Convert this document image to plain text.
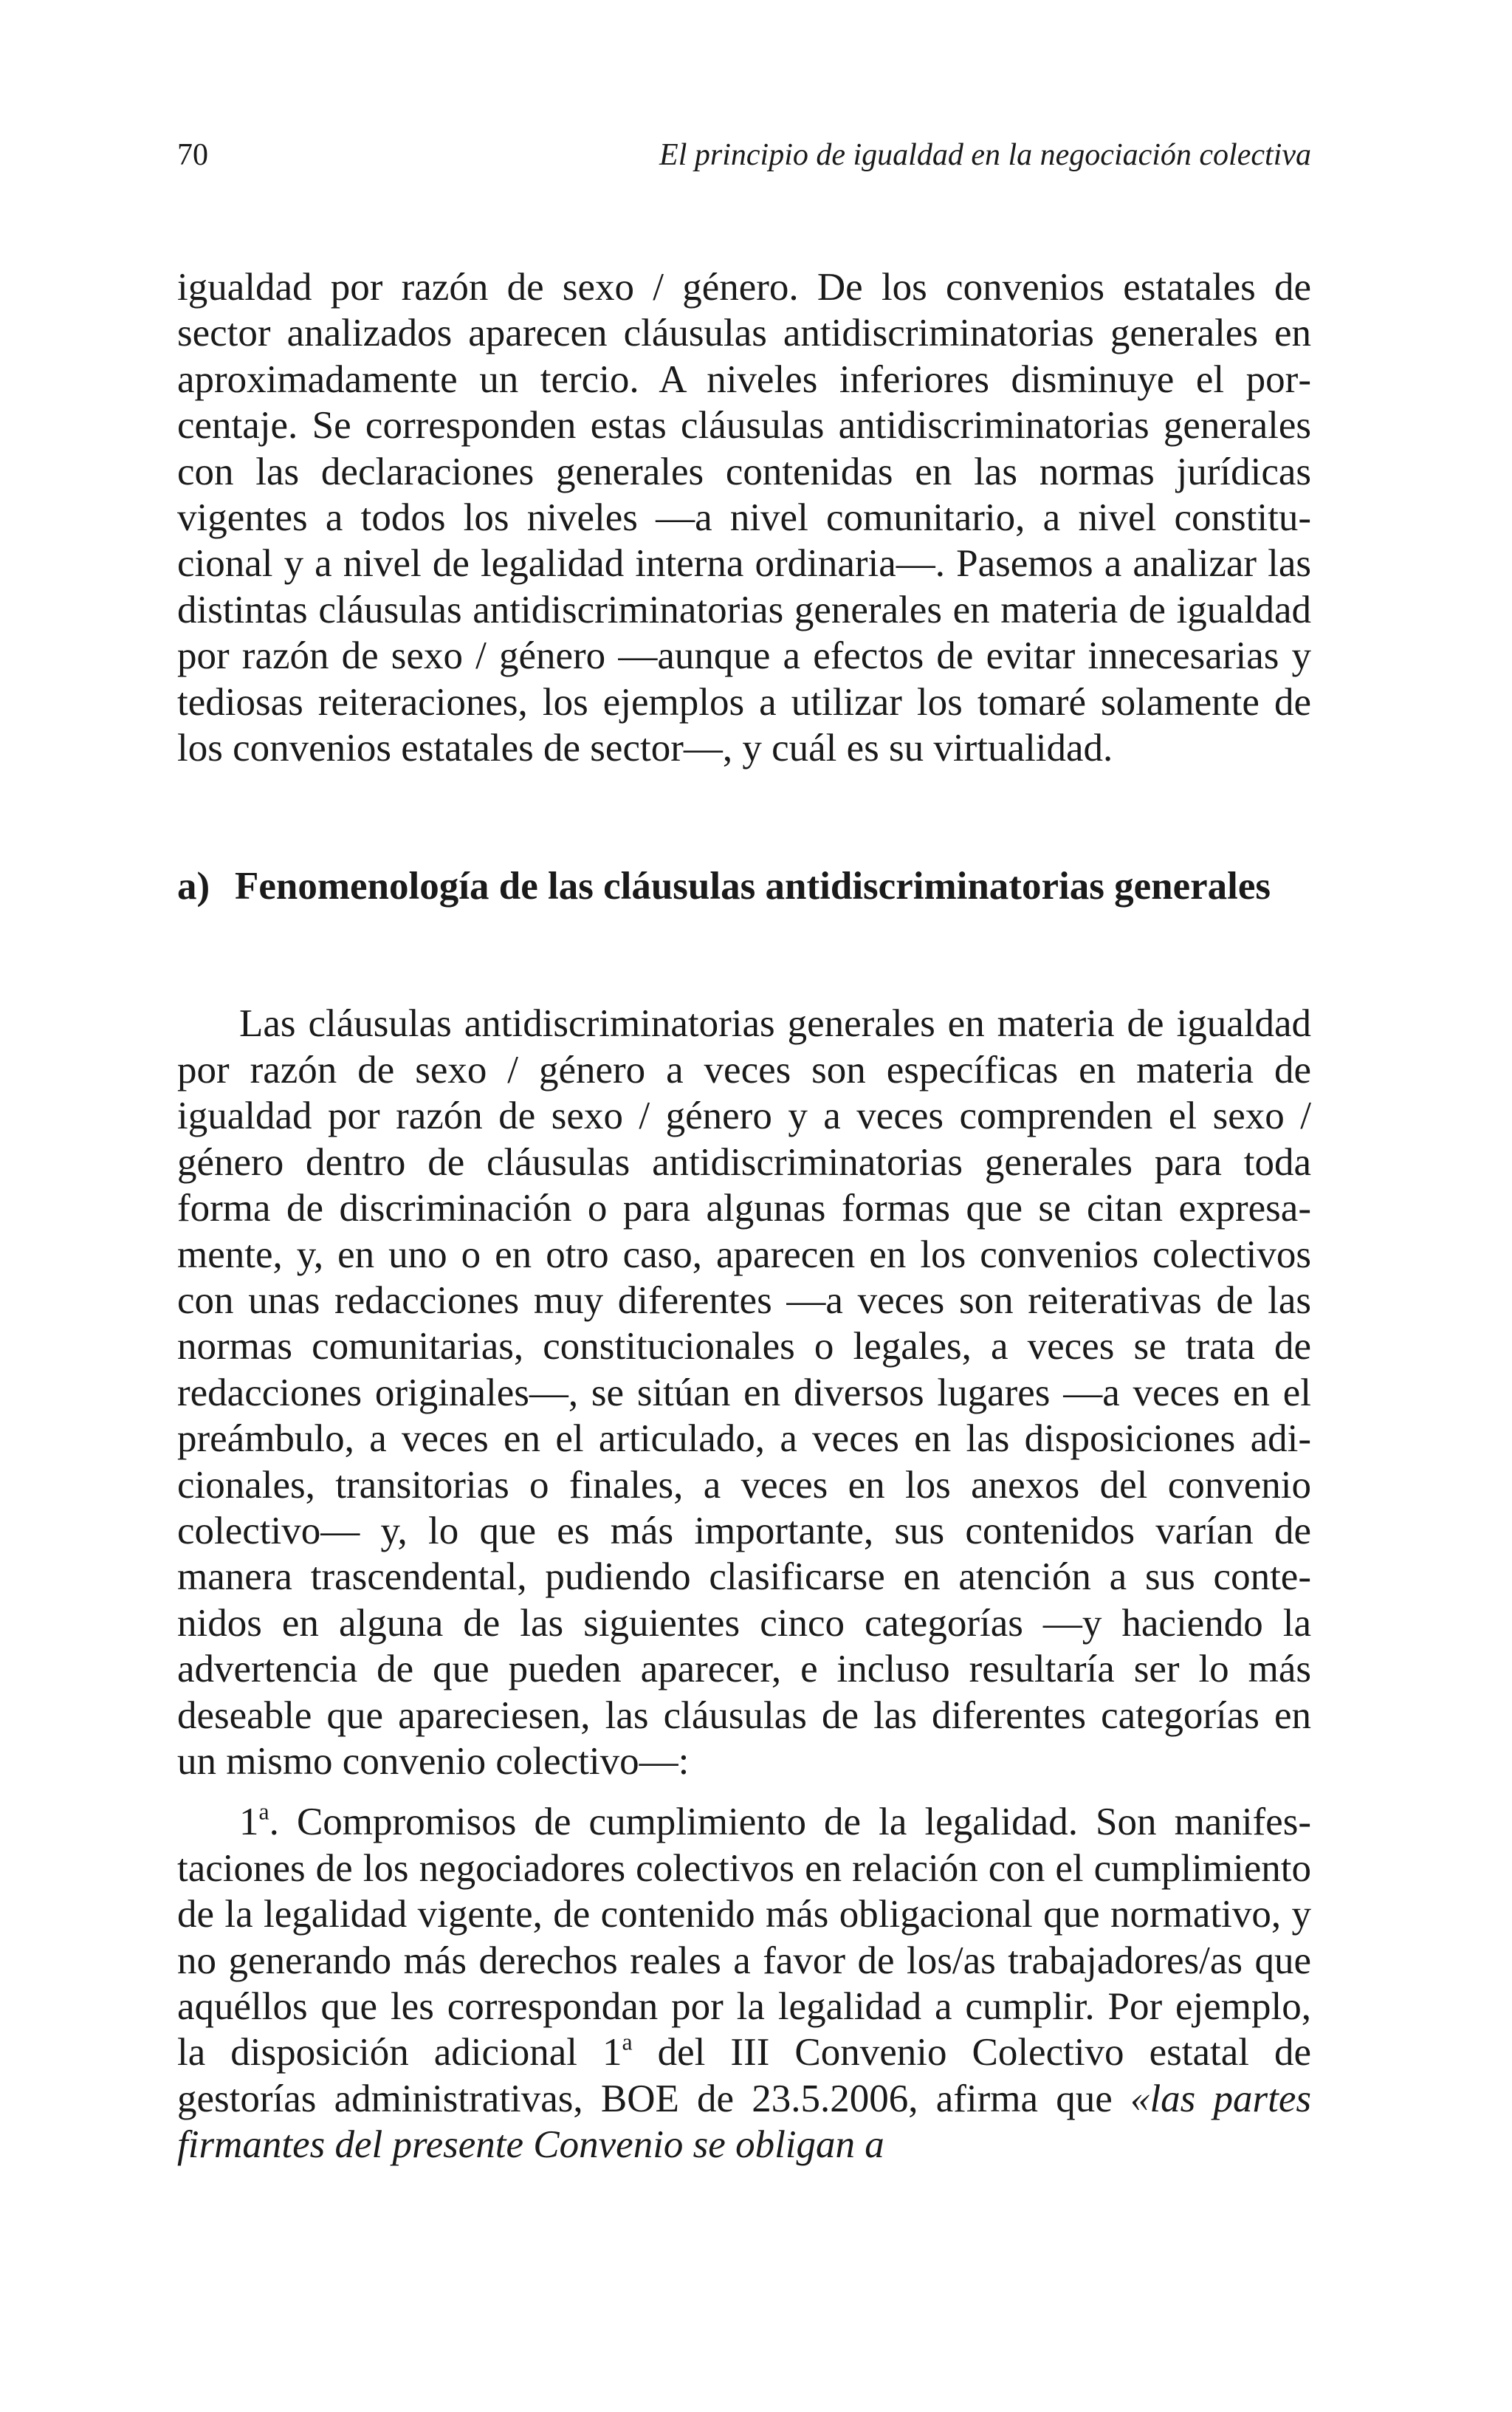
70	El principio de igualdad en la negociación colectiva

igualdad por razón de sexo / género. De los convenios estatales de sector analizados aparecen cláusulas antidiscriminatorias generales en aproximadamente un tercio. A niveles inferiores disminuye el porcentaje. Se corresponden estas cláusulas antidiscriminatorias generales con las declaraciones generales contenidas en las normas jurídicas vigentes a todos los niveles —a nivel comunitario, a nivel constitucional y a nivel de legalidad interna ordinaria—. Pasemos a analizar las distintas cláusulas antidiscriminatorias generales en materia de igualdad por razón de sexo / género —aunque a efectos de evitar innecesarias y tediosas reiteraciones, los ejemplos a utilizar los tomaré solamente de los convenios estatales de sector—, y cuál es su virtualidad.

a) Fenomenología de las cláusulas antidiscriminatorias generales

Las cláusulas antidiscriminatorias generales en materia de igualdad por razón de sexo / género a veces son específicas en materia de igualdad por razón de sexo / género y a veces comprenden el sexo / género dentro de cláusulas antidiscriminatorias generales para toda forma de discriminación o para algunas formas que se citan expresamente, y, en uno o en otro caso, aparecen en los convenios colectivos con unas redacciones muy diferentes —a veces son reiterativas de las normas comunitarias, constitucionales o legales, a veces se trata de redacciones originales—, se sitúan en diversos lugares —a veces en el preámbulo, a veces en el articulado, a veces en las disposiciones adicionales, transitorias o finales, a veces en los anexos del convenio colectivo— y, lo que es más importante, sus contenidos varían de manera trascendental, pudiendo clasificarse en atención a sus contenidos en alguna de las siguientes cinco categorías —y haciendo la advertencia de que pueden aparecer, e incluso resultaría ser lo más deseable que apareciesen, las cláusulas de las diferentes categorías en un mismo convenio colectivo—:

1$^a$. Compromisos de cumplimiento de la legalidad. Son manifestaciones de los negociadores colectivos en relación con el cumplimiento de la legalidad vigente, de contenido más obligacional que normativo, y no generando más derechos reales a favor de los/as trabajadores/as que aquéllos que les correspondan por la legalidad a cumplir. Por ejemplo, la disposición adicional 1$^a$ del III Convenio Colectivo estatal de gestorías administrativas, BOE de 23.5.2006, afirma que «las partes firmantes del presente Convenio se obligan a
